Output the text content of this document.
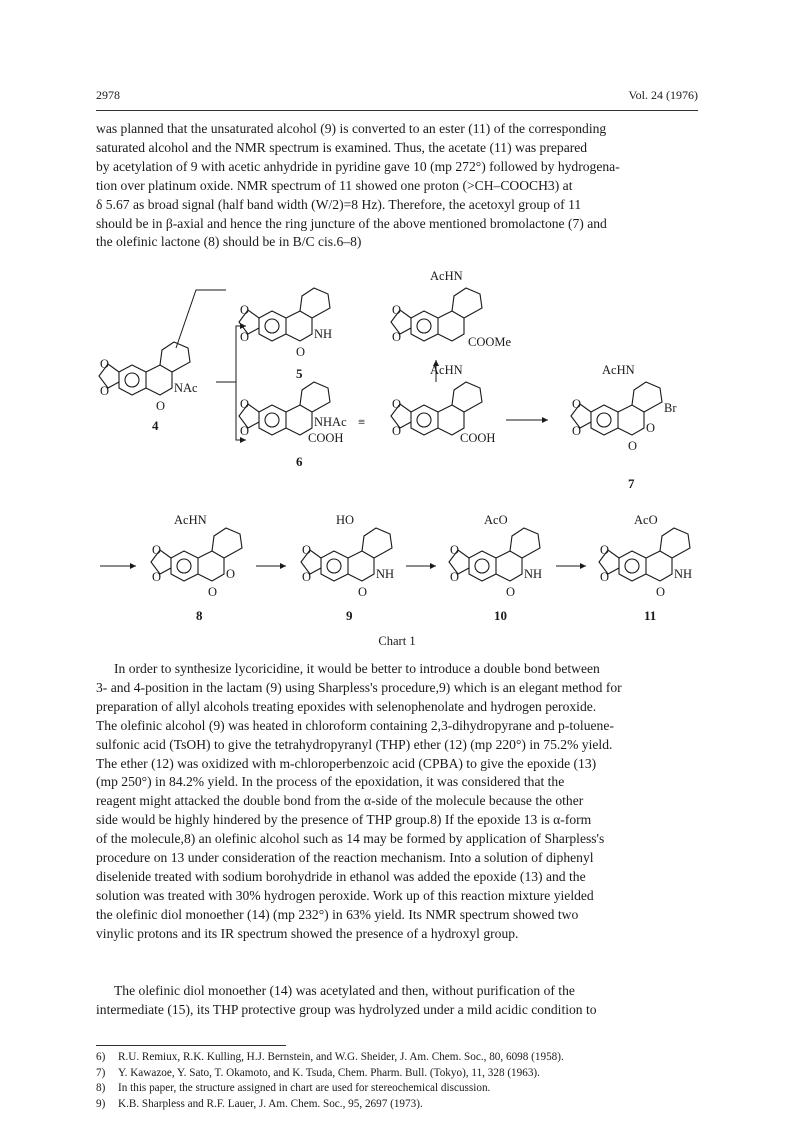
2978	Vol. 24 (1976)
was planned that the unsaturated alcohol (9) is converted to an ester (11) of the corresponding
saturated alcohol and the NMR spectrum is examined. Thus, the acetate (11) was prepared
by acetylation of 9 with acetic anhydride in pyridine gave 10 (mp 272°) followed by hydrogena-
tion over platinum oxide. NMR spectrum of 11 showed one proton (>CH–COOCH3) at
δ 5.67 as broad signal (half band width (W/2)=8 Hz). Therefore, the acetoxyl group of 11
should be in β-axial and hence the ring juncture of the above mentioned bromolactone (7) and
the olefinic lactone (8) should be in B/C cis.6–8)
O
O	NAc
O
4
O
O	NH
O
5
O
O
NHAc
COOH
6
≡
AcHN
O
O	COOMe
AcHN
O
O	COOH
AcHN
Br
O
O	O
O
7
AcHN
O
O	O
O
8
HO
O
O	NH
O
9
AcO
O
O	NH
O
10
AcO
O
O	NH
O
11
Chart 1
In order to synthesize lycoricidine, it would be better to introduce a double bond between
3- and 4-position in the lactam (9) using Sharpless's procedure,9) which is an elegant method for
preparation of allyl alcohols treating epoxides with selenophenolate and hydrogen peroxide.
The olefinic alcohol (9) was heated in chloroform containing 2,3-dihydropyrane and p-toluene-
sulfonic acid (TsOH) to give the tetrahydropyranyl (THP) ether (12) (mp 220°) in 75.2% yield.
The ether (12) was oxidized with m-chloroperbenzoic acid (CPBA) to give the epoxide (13)
(mp 250°) in 84.2% yield. In the process of the epoxidation, it was considered that the
reagent might attacked the double bond from the α-side of the molecule because the other
side would be highly hindered by the presence of THP group.8) If the epoxide 13 is α-form
of the molecule,8) an olefinic alcohol such as 14 may be formed by application of Sharpless's
procedure on 13 under consideration of the reaction mechanism. Into a solution of diphenyl
diselenide treated with sodium borohydride in ethanol was added the epoxide (13) and the
solution was treated with 30% hydrogen peroxide. Work up of this reaction mixture yielded
the olefinic diol monoether (14) (mp 232°) in 63% yield. Its NMR spectrum showed two
vinylic protons and its IR spectrum showed the presence of a hydroxyl group.
The olefinic diol monoether (14) was acetylated and then, without purification of the
intermediate (15), its THP protective group was hydrolyzed under a mild acidic condition to
6) R.U. Remiux, R.K. Kulling, H.J. Bernstein, and W.G. Sheider, J. Am. Chem. Soc., 80, 6098 (1958).
7) Y. Kawazoe, Y. Sato, T. Okamoto, and K. Tsuda, Chem. Pharm. Bull. (Tokyo), 11, 328 (1963).
8) In this paper, the structure assigned in chart are used for stereochemical discussion.
9) K.B. Sharpless and R.F. Lauer, J. Am. Chem. Soc., 95, 2697 (1973).
